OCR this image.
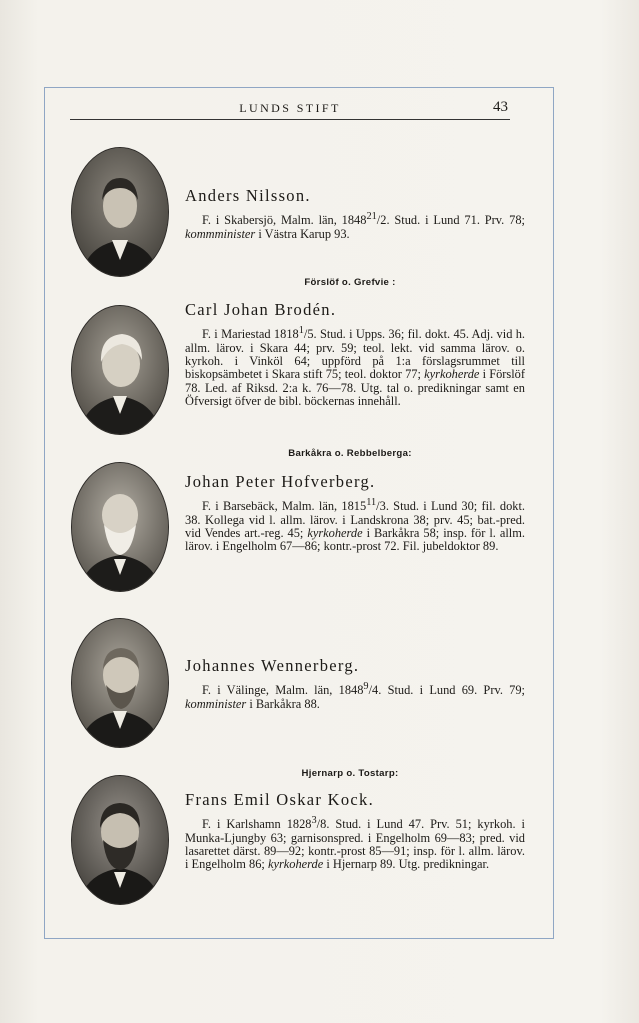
LUNDS STIFT	43

Anders Nilsson.

F. i Skabersjö, Malm. län, 1848$^{21}$/2. Stud. i Lund 71. Prv. 78; kommminister i Västra Karup 93.

Förslöf o. Grefvie :

Carl Johan Brodén.

F. i Mariestad 1818$^1$/5. Stud. i Upps. 36; fil. dokt. 45. Adj. vid h. allm. lärov. i Skara 44; prv. 59; teol. lekt. vid samma lärov. o. kyrkoh. i Vinköl 64; uppförd på 1:a förslagsrummet till biskopsämbetet i Skara stift 75; teol. doktor 77; kyrkoherde i Förslöf 78. Led. af Riksd. 2:a k. 76—78. Utg. tal o. predikningar samt en Öfversigt öfver de bibl. böckernas innehåll.

Barkåkra o. Rebbelberga:

Johan Peter Hofverberg.

F. i Barsebäck, Malm. län, 1815$^{11}$/3. Stud. i Lund 30; fil. dokt. 38. Kollega vid l. allm. lärov. i Landskrona 38; prv. 45; bat.-pred. vid Vendes art.-reg. 45; kyrkoherde i Barkåkra 58; insp. för l. allm. lärov. i Engelholm 67—86; kontr.-prost 72. Fil. jubeldoktor 89.

Johannes Wennerberg.

F. i Välinge, Malm. län, 1848$^9$/4. Stud. i Lund 69. Prv. 79; komminister i Barkåkra 88.

Hjernarp o. Tostarp:

Frans Emil Oskar Kock.

F. i Karlshamn 1828$^3$/8. Stud. i Lund 47. Prv. 51; kyrkoh. i Munka-Ljungby 63; garnisonspred. i Engelholm 69—83; pred. vid lasarettet därst. 89—92; kontr.-prost 85—91; insp. för l. allm. lärov. i Engelholm 86; kyrkoherde i Hjernarp 89. Utg. predikningar.
